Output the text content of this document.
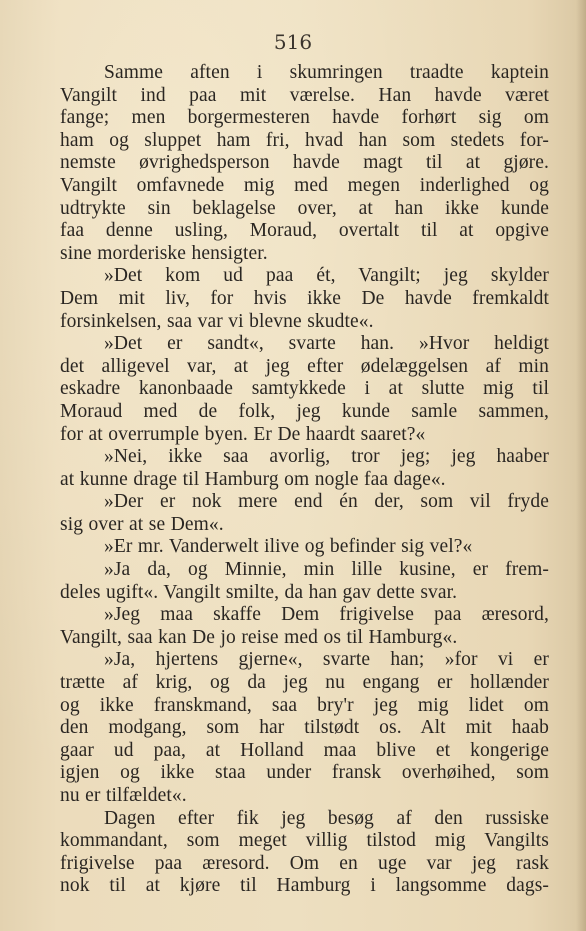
516
Samme aften i skumringen traadte kaptein
Vangilt ind paa mit værelse. Han havde været
fange; men borgermesteren havde forhørt sig om
ham og sluppet ham fri, hvad han som stedets for-
nemste øvrighedsperson havde magt til at gjøre.
Vangilt omfavnede mig med megen inderlighed og
udtrykte sin beklagelse over, at han ikke kunde
faa denne usling, Moraud, overtalt til at opgive
sine morderiske hensigter.
»Det kom ud paa ét, Vangilt; jeg skylder
Dem mit liv, for hvis ikke De havde fremkaldt
forsinkelsen, saa var vi blevne skudte«.
»Det er sandt«, svarte han. »Hvor heldigt
det alligevel var, at jeg efter ødelæggelsen af min
eskadre kanonbaade samtykkede i at slutte mig til
Moraud med de folk, jeg kunde samle sammen,
for at overrumple byen. Er De haardt saaret?«
»Nei, ikke saa avorlig, tror jeg; jeg haaber
at kunne drage til Hamburg om nogle faa dage«.
»Der er nok mere end én der, som vil fryde
sig over at se Dem«.
»Er mr. Vanderwelt ilive og befinder sig vel?«
»Ja da, og Minnie, min lille kusine, er frem-
deles ugift«. Vangilt smilte, da han gav dette svar.
»Jeg maa skaffe Dem frigivelse paa æresord,
Vangilt, saa kan De jo reise med os til Hamburg«.
»Ja, hjertens gjerne«, svarte han; »for vi er
trætte af krig, og da jeg nu engang er hollænder
og ikke franskmand, saa bry'r jeg mig lidet om
den modgang, som har tilstødt os. Alt mit haab
gaar ud paa, at Holland maa blive et kongerige
igjen og ikke staa under fransk overhøihed, som
nu er tilfældet«.
Dagen efter fik jeg besøg af den russiske
kommandant, som meget villig tilstod mig Vangilts
frigivelse paa æresord. Om en uge var jeg rask
nok til at kjøre til Hamburg i langsomme dags-
